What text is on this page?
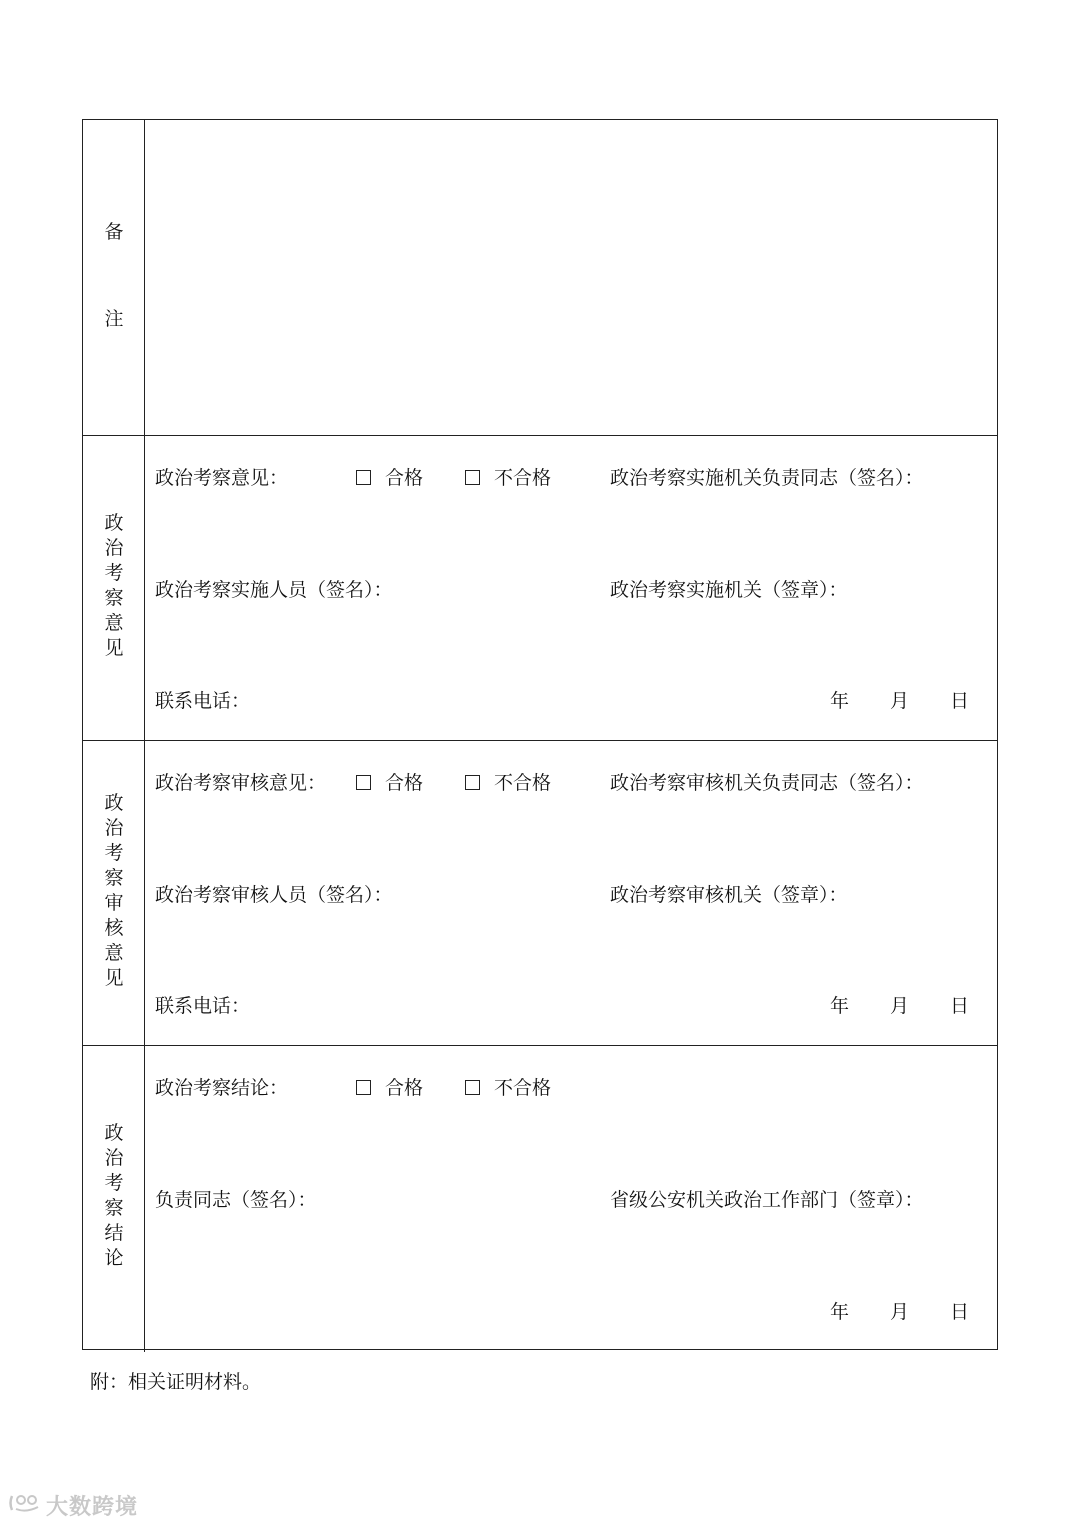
备
注
政
治
考
察
意
见
政治考察意见：	合格	不合格	政治考察实施机关负责同志（签名）：
政治考察实施人员（签名）：	政治考察实施机关（签章）：
联系电话：	年 月 日
政
治
考
察
审
核
意
见
政治考察审核意见：	合格	不合格	政治考察审核机关负责同志（签名）：
政治考察审核人员（签名）：	政治考察审核机关（签章）：
联系电话：	年 月 日
政
治
考
察
结
论
政治考察结论：	合格	不合格
负责同志（签名）：	省级公安机关政治工作部门（签章）：
年 月 日
附：相关证明材料。
大数跨境
